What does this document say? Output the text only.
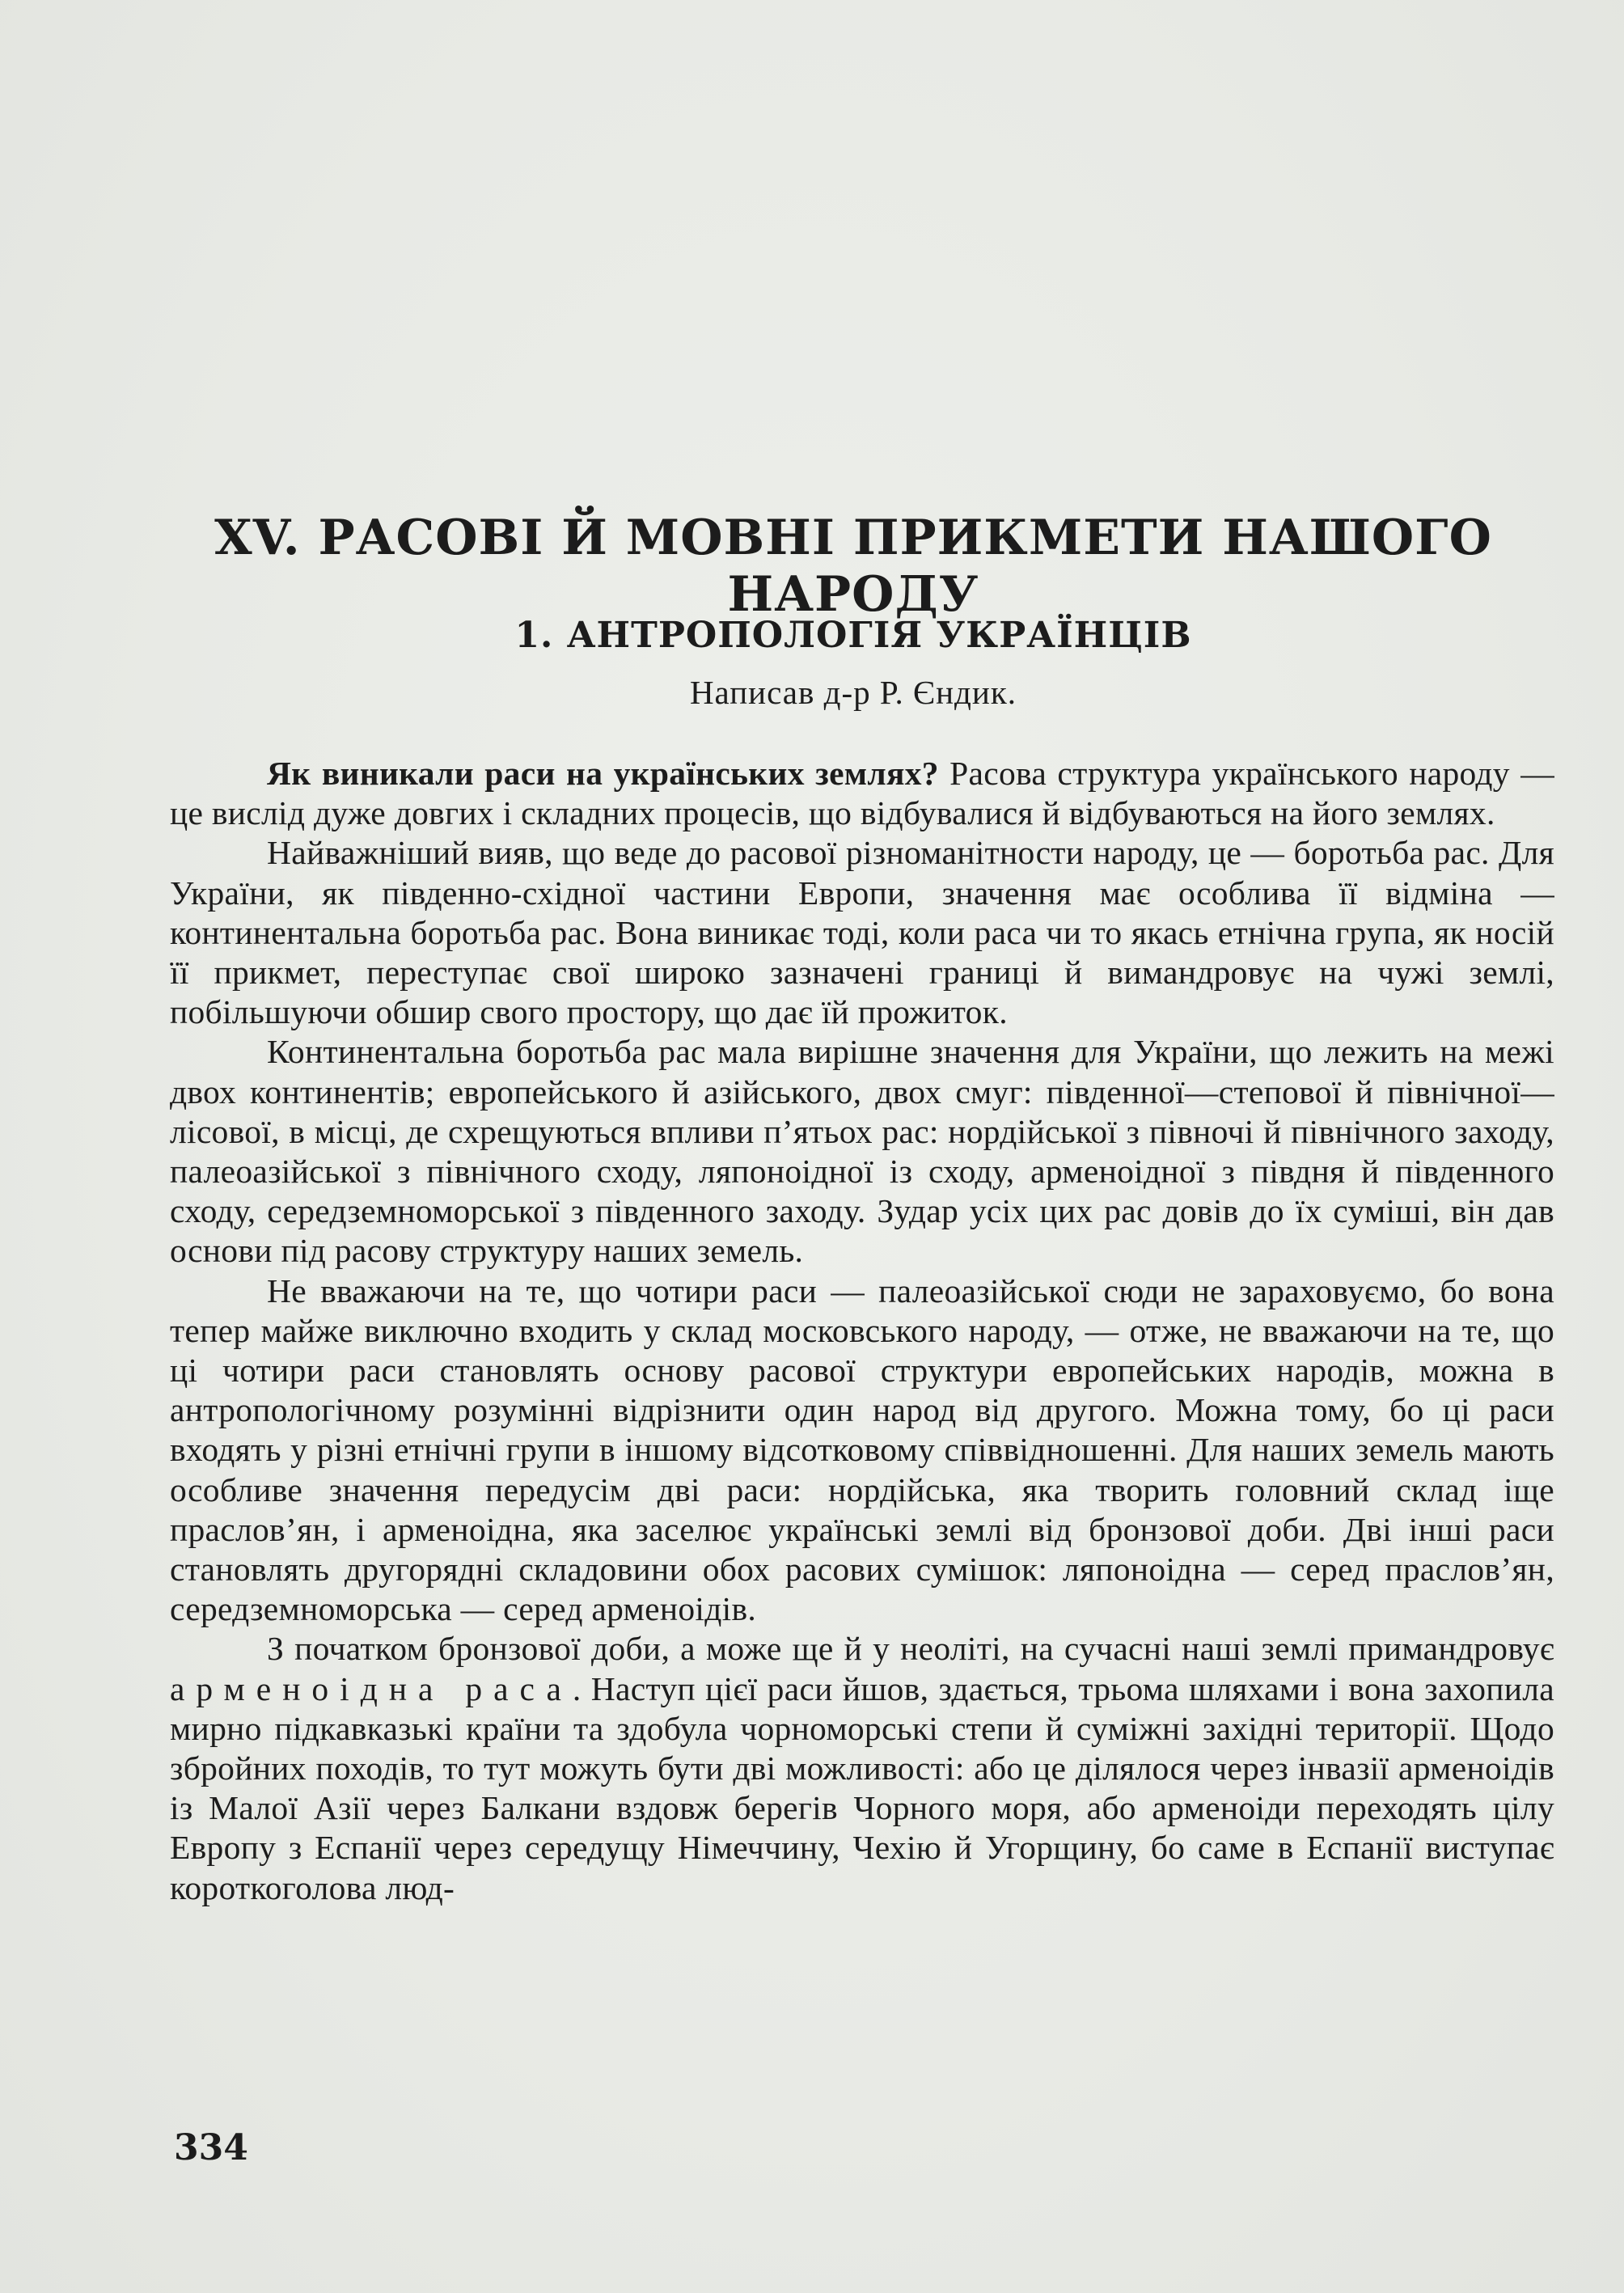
XV. РАСОВІ Й МОВНІ ПРИКМЕТИ НАШОГО НАРОДУ
1. АНТРОПОЛОГІЯ УКРАЇНЦІВ
Написав д-р Р. Єндик.

Як виникали раси на українських землях? Расова структура українського народу — це вислід дуже довгих і складних процесів, що відбувалися й відбуваються на його землях.

Найважніший вияв, що веде до расової різноманітности народу, це — боротьба рас. Для України, як південно-східної частини Европи, значення має особлива її відміна — континентальна боротьба рас. Вона виникає тоді, коли раса чи то якась етнічна група, як носій її прикмет, переступає свої широко зазначені границі й вимандровує на чужі землі, побільшуючи обшир свого простору, що дає їй прожиток.

Континентальна боротьба рас мала вирішне значення для України, що лежить на межі двох континентів; европейського й азійського, двох смуг: південної—степової й північної—лісової, в місці, де схрещуються впливи п’ятьох рас: нордійської з півночі й північного заходу, палеоазійської з північного сходу, ляпоноідної із сходу, арменоідної з півдня й південного сходу, середземноморської з південного заходу. Зудар усіх цих рас довів до їх суміші, він дав основи під расову структуру наших земель.

Не вважаючи на те, що чотири раси — палеоазійської сюди не зараховуємо, бо вона тепер майже виключно входить у склад московського народу, — отже, не вважаючи на те, що ці чотири раси становлять основу расової структури европейських народів, можна в антропологічному розумінні відрізнити один народ від другого. Можна тому, бо ці раси входять у різні етнічні групи в іншому відсотковому співвідношенні. Для наших земель мають особливе значення передусім дві раси: нордійська, яка творить головний склад іще праслов’ян, і арменоідна, яка заселює українські землі від бронзової доби. Дві інші раси становлять другорядні складовини обох расових сумішок: ляпоноідна — серед праслов’ян, середземноморська — серед арменоідів.

З початком бронзової доби, а може ще й у неоліті, на сучасні наші землі примандровує арменоідна раса. Наступ цієї раси йшов, здається, трьома шляхами і вона захопила мирно підкавказькі країни та здобула чорноморські степи й суміжні західні території. Щодо збройних походів, то тут можуть бути дві можливості: або це ділялося через інвазії арменоідів із Малої Азії через Балкани вздовж берегів Чорного моря, або арменоіди переходять цілу Европу з Еспанії через середущу Німеччину, Чехію й Угорщину, бо саме в Еспанії виступає короткоголова люд-

334
